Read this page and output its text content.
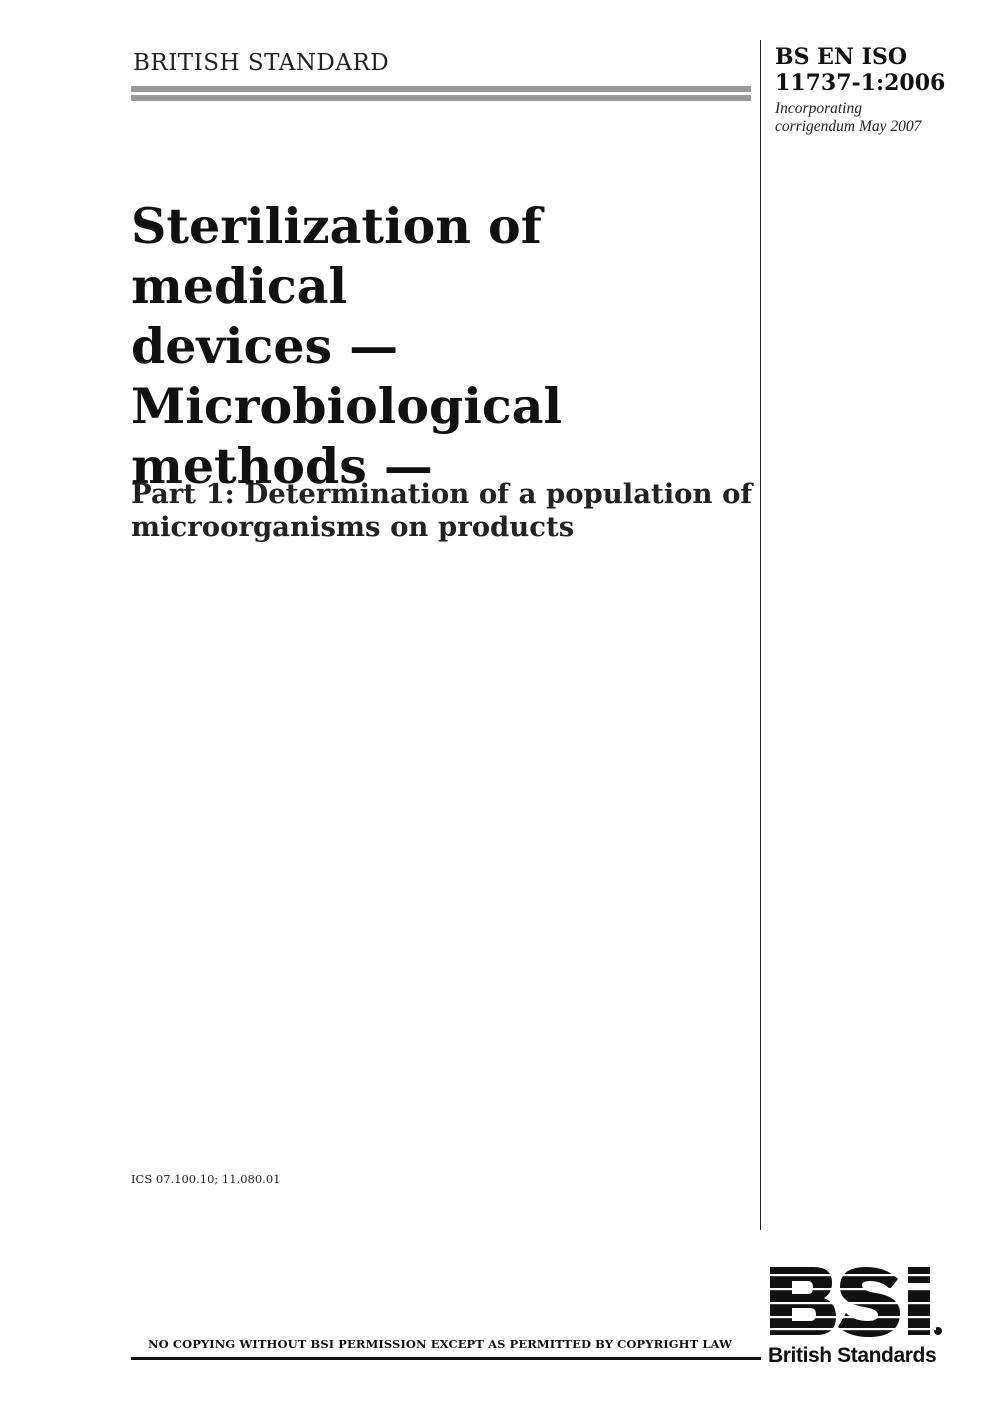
BRITISH STANDARD	BS EN ISO
11737-1:2006
Incorporating corrigendum May 2007
Sterilization of medical
devices —
Microbiological
methods —
Part 1: Determination of a population of
microorganisms on products
ICS 07.100.10; 11.080.01
NO COPYING WITHOUT BSI PERMISSION EXCEPT AS PERMITTED BY COPYRIGHT LAW	British Standards
